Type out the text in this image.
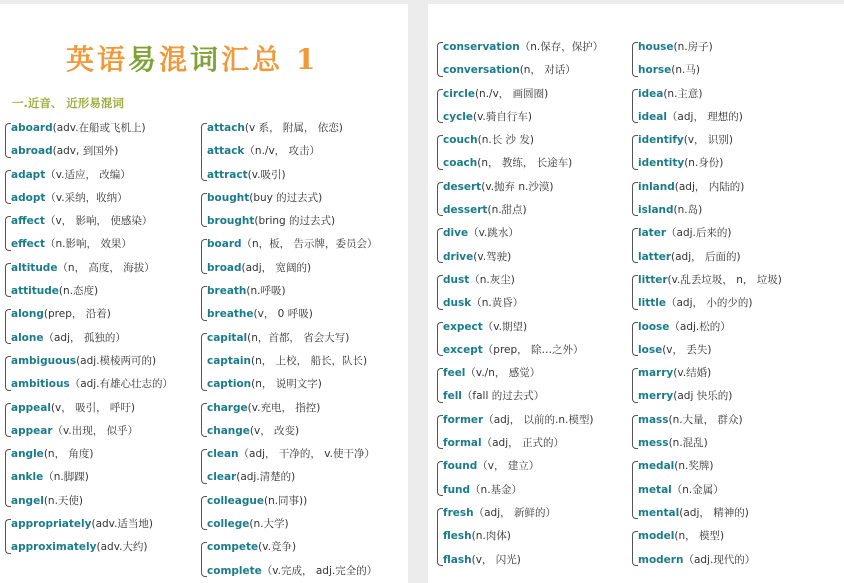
英语易混词汇总 1
一.近音、 近形易混词
aboard(adv.在船或飞机上)
abroad(adv, 到国外)
adapt（v.适应， 改编）
adopt（v.采纳，收纳）
affect（v， 影响， 使感染）
effect（n.影响， 效果）
altitude（n， 高度， 海拔）
attitude(n.态度)
along(prep， 沿着)
alone（adj， 孤独的）
ambiguous(adj.模棱两可的)
ambitious（adj.有雄心壮志的）
appeal(v， 吸引， 呼吁)
appear（v.出现， 似乎）
angle(n， 角度)
ankle（n.脚踝)
angel(n.天使)
appropriately(adv.适当地)
approximately(adv.大约)
attach(v 系， 附属， 依恋)
attack（n./v， 攻击）
attract(v.吸引)
bought(buy 的过去式)
brought(bring 的过去式)
board（n，板， 告示牌，委员会）
broad(adj， 宽阔的)
breath(n.呼吸)
breathe(v， 0 呼吸)
capital(n，首都， 省会大写)
captain(n， 上校， 船长，队长)
caption(n， 说明文字)
charge(v.充电， 指控)
change(v， 改变)
clean（adj， 干净的， v.使干净）
clear(adj.清楚的)
colleague(n.同事))
college(n.大学)
compete(v.竞争)
complete（v.完成， adj.完全的）
conservation（n.保存，保护）
conversation(n， 对话）
circle(n./v， 画圆圈)
cycle(v.骑自行车)
couch(n.长 沙 发)
coach(n， 教练， 长途车)
desert(v.抛弃 n.沙漠)
dessert(n.甜点)
dive（v.跳水）
drive(v.驾驶)
dust（n.灰尘)
dusk（n.黄昏）
expect（v.期望)
except（prep， 除…之外）
feel（v./n， 感觉）
fell（fall 的过去式）
former（adj， 以前的.n.模型)
formal（adj， 正式的）
found（v， 建立）
fund（n.基金）
fresh（adj， 新鲜的）
flesh(n.肉体)
flash(v， 闪光)
house(n.房子)
horse(n.马)
idea(n.主意)
ideal（adj， 理想的)
identify(v， 识别)
identity(n.身份)
inland(adj， 内陆的)
island(n.岛)
later（adj.后来的)
latter(adj， 后面的)
litter(v.乱丢垃圾， n， 垃圾)
little（adj， 小的少的)
loose（adj.松的）
lose(v， 丢失)
marry(v.结婚)
merry(adj 快乐的)
mass(n.大量， 群众)
mess(n.混乱)
medal(n.奖牌)
metal（n.金属）
mental(adj， 精神的)
model(n， 模型)
modern（adj.现代的）
